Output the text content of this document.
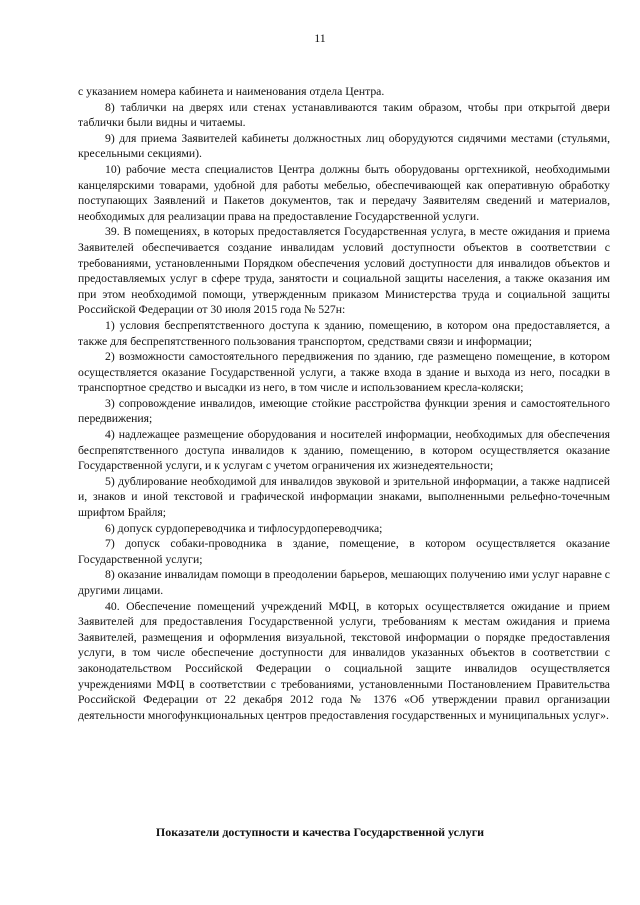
11

с указанием номера кабинета и наименования отдела Центра.

8) таблички на дверях или стенах устанавливаются таким образом, чтобы при открытой двери таблички были видны и читаемы.

9) для приема Заявителей кабинеты должностных лиц оборудуются сидячими местами (стульями, кресельными секциями).

10) рабочие места специалистов Центра должны быть оборудованы оргтехникой, необходимыми канцелярскими товарами, удобной для работы мебелью, обеспечивающей как оперативную обработку поступающих Заявлений и Пакетов документов, так и передачу Заявителям сведений и материалов, необходимых для реализации права на предоставление Государственной услуги.

39. В помещениях, в которых предоставляется Государственная услуга, в месте ожидания и приема Заявителей обеспечивается создание инвалидам условий доступности объектов в соответствии с требованиями, установленными Порядком обеспечения условий доступности для инвалидов объектов и предоставляемых услуг в сфере труда, занятости и социальной защиты населения, а также оказания им при этом необходимой помощи, утвержденным приказом Министерства труда и социальной защиты Российской Федерации от 30 июля 2015 года № 527н:

1) условия беспрепятственного доступа к зданию, помещению, в котором она предоставляется, а также для беспрепятственного пользования транспортом, средствами связи и информации;

2) возможности самостоятельного передвижения по зданию, где размещено помещение, в котором осуществляется оказание Государственной услуги, а также входа в здание и выхода из него, посадки в транспортное средство и высадки из него, в том числе и использованием кресла-коляски;

3) сопровождение инвалидов, имеющие стойкие расстройства функции зрения и самостоятельного передвижения;

4) надлежащее размещение оборудования и носителей информации, необходимых для обеспечения беспрепятственного доступа инвалидов к зданию, помещению, в котором осуществляется оказание Государственной услуги, и к услугам с учетом ограничения их жизнедеятельности;

5) дублирование необходимой для инвалидов звуковой и зрительной информации, а также надписей и, знаков и иной текстовой и графической информации знаками, выполненными рельефно-точечным шрифтом Брайля;

6) допуск сурдопереводчика и тифлосурдопереводчика;

7) допуск собаки-проводника в здание, помещение, в котором осуществляется оказание Государственной услуги;

8) оказание инвалидам помощи в преодолении барьеров, мешающих получению ими услуг наравне с другими лицами.

40. Обеспечение помещений учреждений МФЦ, в которых осуществляется ожидание и прием Заявителей для предоставления Государственной услуги, требованиям к местам ожидания и приема Заявителей, размещения и оформления визуальной, текстовой информации о порядке предоставления услуги, в том числе обеспечение доступности для инвалидов указанных объектов в соответствии с законодательством Российской Федерации о социальной защите инвалидов осуществляется учреждениями МФЦ в соответствии с требованиями, установленными Постановлением Правительства Российской Федерации от 22 декабря 2012 года № 1376 «Об утверждении правил организации деятельности многофункциональных центров предоставления государственных и муниципальных услуг».

Показатели доступности и качества Государственной услуги
